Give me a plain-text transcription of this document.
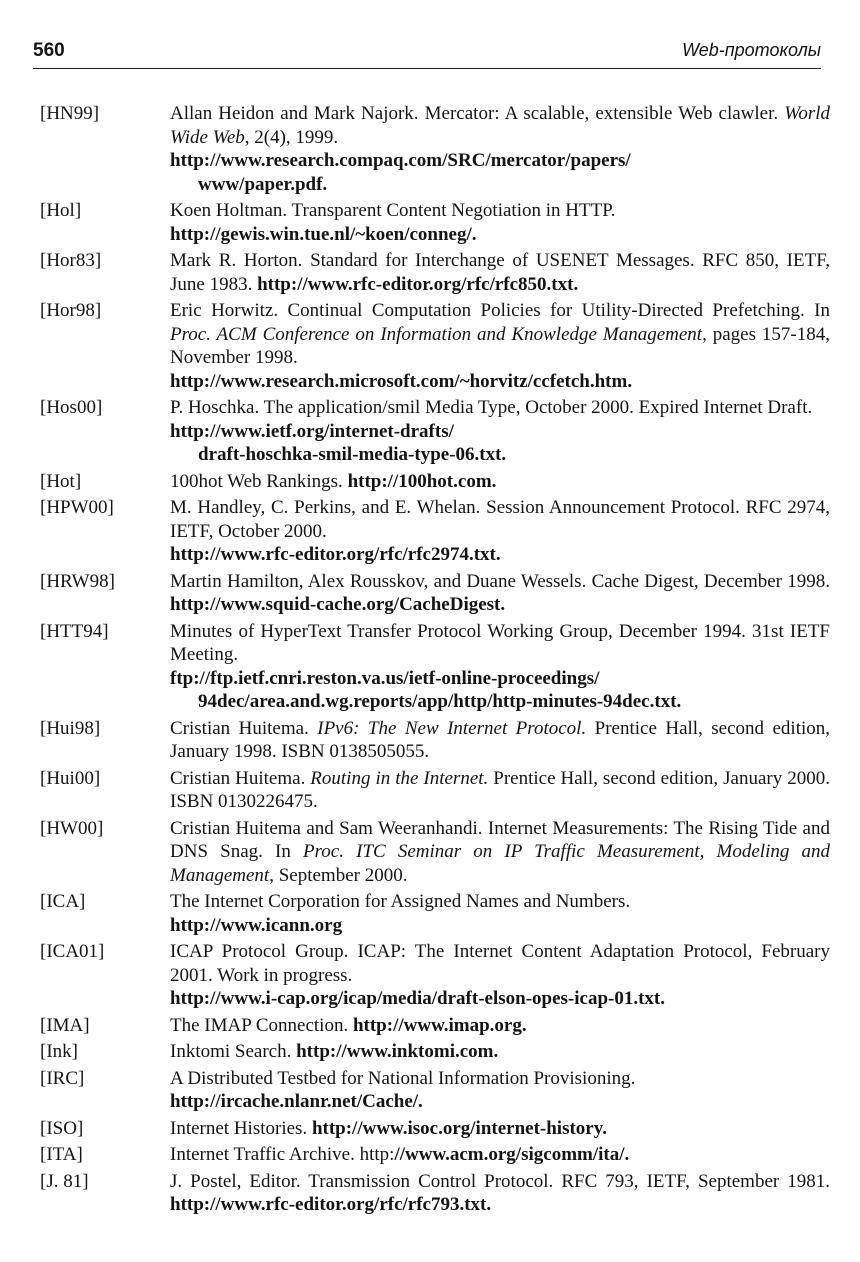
560	Web-протоколы
[HN99]	Allan Heidon and Mark Najork. Mercator: A scalable, extensible Web clawler. World Wide Web, 2(4), 1999.
http://www.research.compaq.com/SRC/mercator/papers/
www/paper.pdf.
[Hol]	Koen Holtman. Transparent Content Negotiation in HTTP.
http://gewis.win.tue.nl/~koen/conneg/.
[Hor83]	Mark R. Horton. Standard for Interchange of USENET Messages. RFC 850, IETF, June 1983. http://www.rfc-editor.org/rfc/rfc850.txt.
[Hor98]	Eric Horwitz. Continual Computation Policies for Utility-Directed Prefetching. In Proc. ACM Conference on Information and Knowledge Management, pages 157-184, November 1998.
http://www.research.microsoft.com/~horvitz/ccfetch.htm.
[Hos00]	P. Hoschka. The application/smil Media Type, October 2000. Expired Internet Draft.
http://www.ietf.org/internet-drafts/
draft-hoschka-smil-media-type-06.txt.
[Hot]	100hot Web Rankings. http://100hot.com.
[HPW00]	M. Handley, C. Perkins, and E. Whelan. Session Announcement Protocol. RFC 2974, IETF, October 2000.
http://www.rfc-editor.org/rfc/rfc2974.txt.
[HRW98]	Martin Hamilton, Alex Rousskov, and Duane Wessels. Cache Digest, December 1998. http://www.squid-cache.org/CacheDigest.
[HTT94]	Minutes of HyperText Transfer Protocol Working Group, December 1994. 31st IETF Meeting.
ftp://ftp.ietf.cnri.reston.va.us/ietf-online-proceedings/
94dec/area.and.wg.reports/app/http/http-minutes-94dec.txt.
[Hui98]	Cristian Huitema. IPv6: The New Internet Protocol. Prentice Hall, second edition, January 1998. ISBN 0138505055.
[Hui00]	Cristian Huitema. Routing in the Internet. Prentice Hall, second edition, January 2000. ISBN 0130226475.
[HW00]	Cristian Huitema and Sam Weeranhandi. Internet Measurements: The Rising Tide and DNS Snag. In Proc. ITC Seminar on IP Traffic Measurement, Modeling and Management, September 2000.
[ICA]	The Internet Corporation for Assigned Names and Numbers.
http://www.icann.org
[ICA01]	ICAP Protocol Group. ICAP: The Internet Content Adaptation Protocol, February 2001. Work in progress.
http://www.i-cap.org/icap/media/draft-elson-opes-icap-01.txt.
[IMA]	The IMAP Connection. http://www.imap.org.
[Ink]	Inktomi Search. http://www.inktomi.com.
[IRC]	A Distributed Testbed for National Information Provisioning.
http://ircache.nlanr.net/Cache/.
[ISO]	Internet Histories. http://www.isoc.org/internet-history.
[ITA]	Internet Traffic Archive. http://www.acm.org/sigcomm/ita/.
[J. 81]	J. Postel, Editor. Transmission Control Protocol. RFC 793, IETF, September 1981. http://www.rfc-editor.org/rfc/rfc793.txt.
